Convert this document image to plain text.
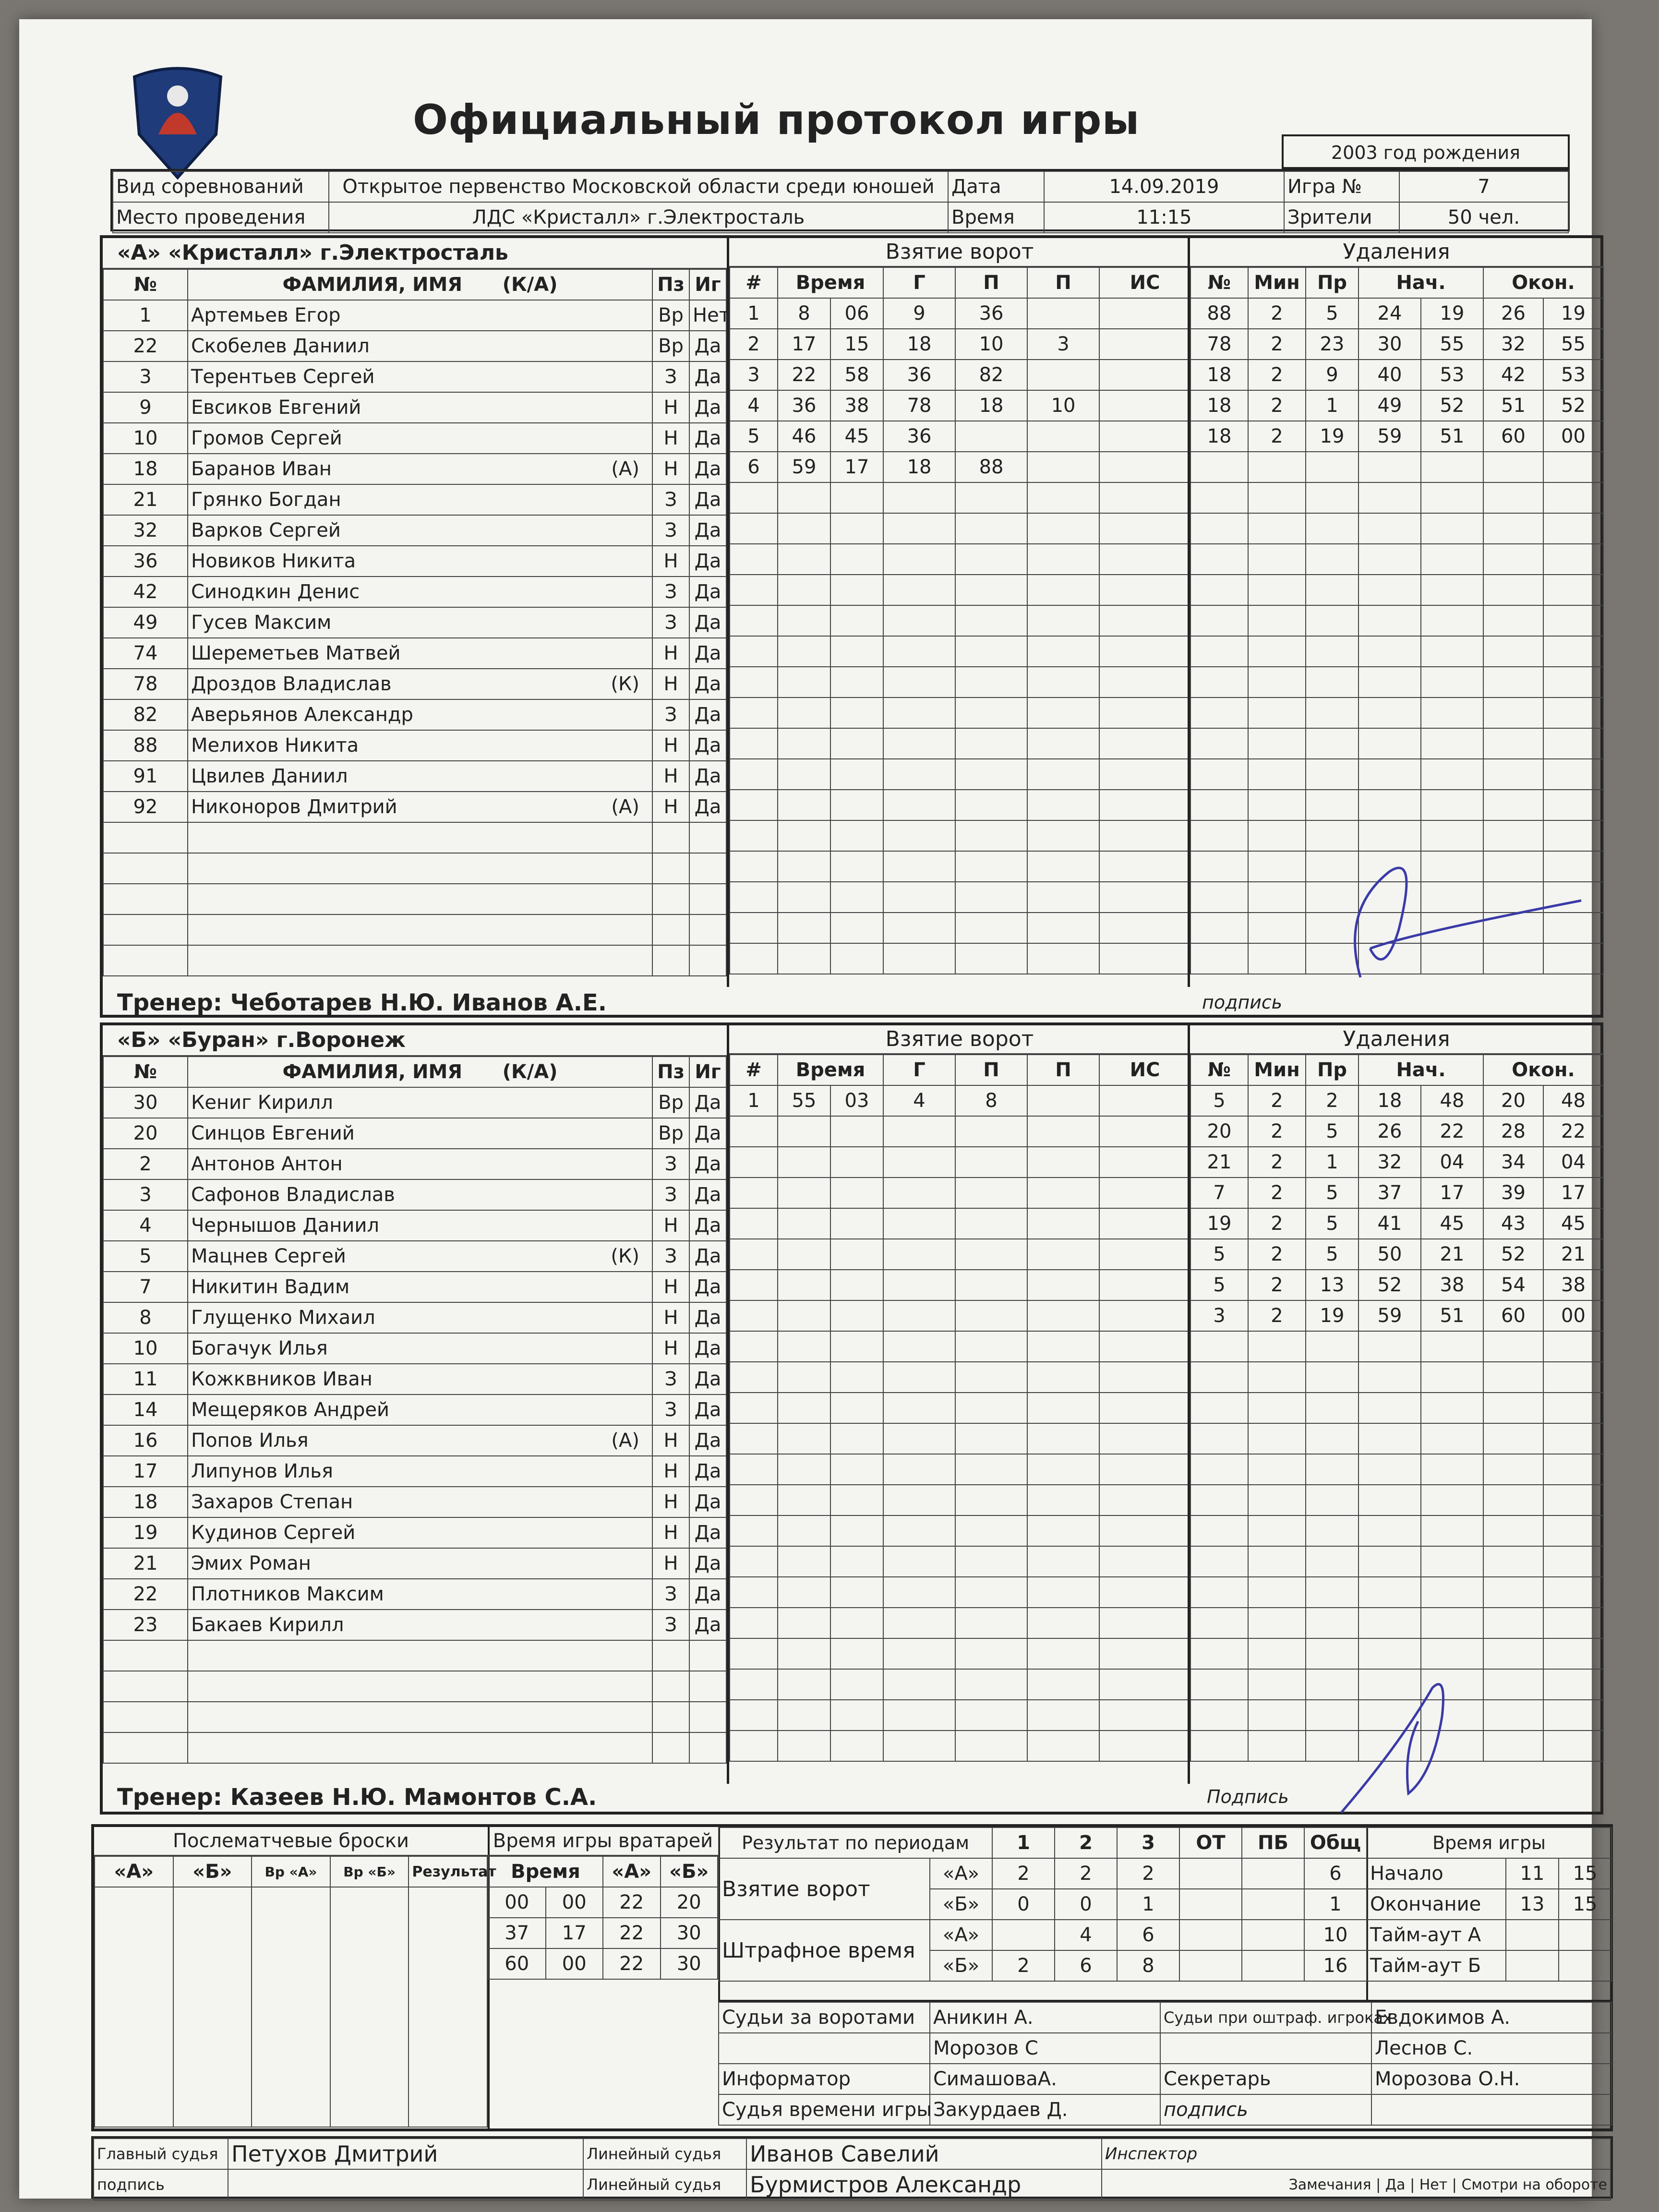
Официальный протокол игры
2003 год рождения
Вид соревнований	Открытое первенство Московской области среди юношей	Дата	14.09.2019	Игра №	7
Место проведения	ЛДС «Кристалл» г.Электросталь	Время	11:15	Зрители	50 чел.
«А» «Кристалл» г.Электросталь
№	ФАМИЛИЯ, ИМЯ (К/А)	Пз	Иг
1	Артемьев Егор	Вр	Нет
22	Скобелев Даниил	Вр	Да
3	Терентьев Сергей	З	Да
9	Евсиков Евгений	Н	Да
10	Громов Сергей	Н	Да
18	Баранов Иван (А)	Н	Да
21	Грянко Богдан	З	Да
32	Варков Сергей	З	Да
36	Новиков Никита	Н	Да
42	Синодкин Денис	З	Да
49	Гусев Максим	З	Да
74	Шереметьев Матвей	Н	Да
78	Дроздов Владислав (К)	Н	Да
82	Аверьянов Александр	З	Да
88	Мелихов Никита	Н	Да
91	Цвилев Даниил	Н	Да
92	Никоноров Дмитрий (А)	Н	Да

Взятие ворот
#	Время		Г	П	П	ИС
1	8	06	9	36		
2	17	15	18	10	3	
3	22	58	36	82		
4	36	38	78	18	10	
5	46	45	36			
6	59	17	18	88		

Удаления
№	Мин	Пр	Нач.		Окон.	
88	2	5	24	19	26	19
78	2	23	30	55	32	55
18	2	9	40	53	42	53
18	2	1	49	52	51	52
18	2	19	59	51	60	00

Тренер: Чеботарев Н.Ю. Иванов А.Е.	подпись
«Б» «Буран» г.Воронеж
№	ФАМИЛИЯ, ИМЯ (К/А)	Пз	Иг
30	Кениг Кирилл	Вр	Да
20	Синцов Евгений	Вр	Да
2	Антонов Антон	З	Да
3	Сафонов Владислав	З	Да
4	Чернышов Даниил	Н	Да
5	Мацнев Сергей (К)	З	Да
7	Никитин Вадим	Н	Да
8	Глущенко Михаил	Н	Да
10	Богачук Илья	Н	Да
11	Кожквников Иван	З	Да
14	Мещеряков Андрей	З	Да
16	Попов Илья (А)	Н	Да
17	Липунов Илья	Н	Да
18	Захаров Степан	Н	Да
19	Кудинов Сергей	Н	Да
21	Эмих Роман	Н	Да
22	Плотников Максим	З	Да
23	Бакаев Кирилл	З	Да

Взятие ворот
#	Время		Г	П	П	ИС
1	55	03	4	8		

Удаления
№	Мин	Пр	Нач.		Окон.	
5	2	2	18	48	20	48
20	2	5	26	22	28	22
21	2	1	32	04	34	04
7	2	5	37	17	39	17
19	2	5	41	45	43	45
5	2	5	50	21	52	21
5	2	13	52	38	54	38
3	2	19	59	51	60	00

Тренер: Казеев Н.Ю. Мамонтов С.А.	Подпись
Послематчевые броски
«А»	«Б»	Вр «А»	Вр «Б»	Результат

Время игры вратарей
Время		«А»	«Б»
00	00	22	20
37	17	22	30
60	00	22	30
Результат по периодам		1	2	3	ОТ	ПБ	Общ
Взятие ворот	«А»	2	2	2			6
	«Б»	0	0	1			1
Штрафное время	«А»		4	6			10
	«Б»	2	6	8			16
Время игры		
Начало	11	15
Окончание	13	15
Тайм-аут А		
Тайм-аут Б		
Судьи за воротами	Аникин А.	Судьи при оштраф. игроках	Евдокимов А.
	Морозов С		Леснов С.
Информатор	СимашоваА.	Секретарь	Морозова О.Н.
Судья времени игры	Закурдаев Д.	подпись	
Главный судья	Петухов Дмитрий	Линейный судья	Иванов Савелий	Инспектор
подпись		Линейный судья	Бурмистров Александр	Замечания | Да | Нет | Смотри на обороте
